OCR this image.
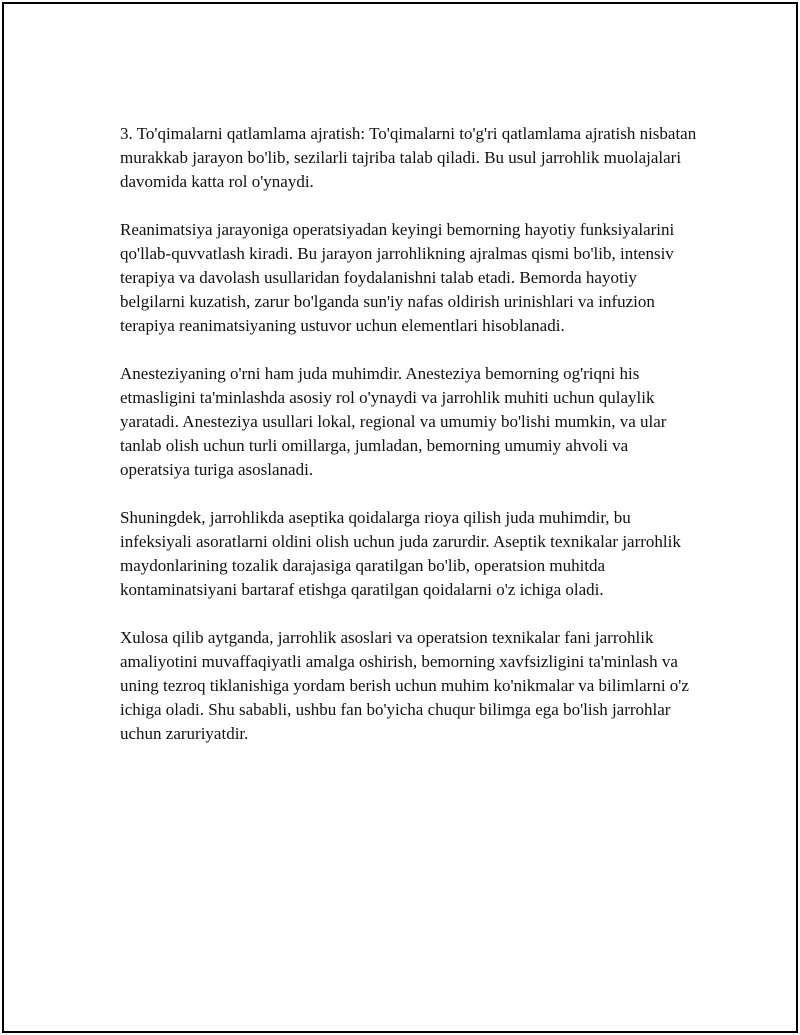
3. To'qimalarni qatlamlama ajratish: To'qimalarni to'g'ri qatlamlama ajratish nisbatan murakkab jarayon bo'lib, sezilarli tajriba talab qiladi. Bu usul jarrohlik muolajalari davomida katta rol o'ynaydi.

Reanimatsiya jarayoniga operatsiyadan keyingi bemorning hayotiy funksiyalarini qo'llab-quvvatlash kiradi. Bu jarayon jarrohlikning ajralmas qismi bo'lib, intensiv terapiya va davolash usullaridan foydalanishni talab etadi. Bemorda hayotiy belgilarni kuzatish, zarur bo'lganda sun'iy nafas oldirish urinishlari va infuzion terapiya reanimatsiyaning ustuvor uchun elementlari hisoblanadi.

Anesteziyaning o'rni ham juda muhimdir. Anesteziya bemorning og'riqni his etmasligini ta'minlashda asosiy rol o'ynaydi va jarrohlik muhiti uchun qulaylik yaratadi. Anesteziya usullari lokal, regional va umumiy bo'lishi mumkin, va ular tanlab olish uchun turli omillarga, jumladan, bemorning umumiy ahvoli va operatsiya turiga asoslanadi.

Shuningdek, jarrohlikda aseptika qoidalarga rioya qilish juda muhimdir, bu infeksiyali asoratlarni oldini olish uchun juda zarurdir. Aseptik texnikalar jarrohlik maydonlarining tozalik darajasiga qaratilgan bo'lib, operatsion muhitda kontaminatsiyani bartaraf etishga qaratilgan qoidalarni o'z ichiga oladi.

Xulosa qilib aytganda, jarrohlik asoslari va operatsion texnikalar fani jarrohlik amaliyotini muvaffaqiyatli amalga oshirish, bemorning xavfsizligini ta'minlash va uning tezroq tiklanishiga yordam berish uchun muhim ko'nikmalar va bilimlarni o'z ichiga oladi. Shu sababli, ushbu fan bo'yicha chuqur bilimga ega bo'lish jarrohlar uchun zaruriyatdir.
